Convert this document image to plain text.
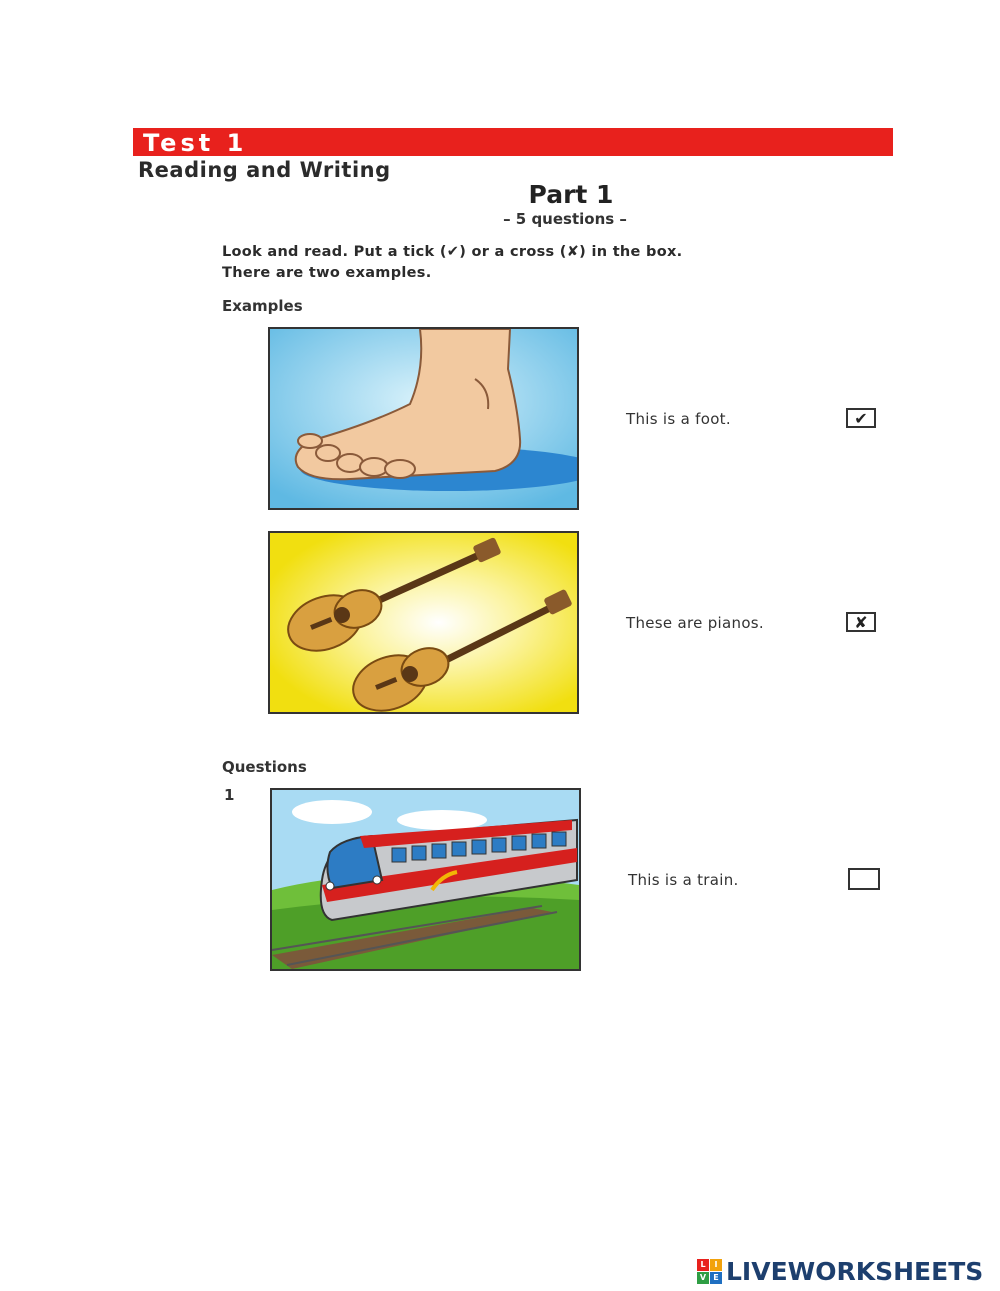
Test 1
Reading and Writing
Part 1
– 5 questions –
Look and read. Put a tick (✔) or a cross (✘) in the box.
There are two examples.
Examples
This is a foot.	✔
These are pianos.	✘
Questions
1
This is a train.
L	I
V E LIVEWORKSHEETS
